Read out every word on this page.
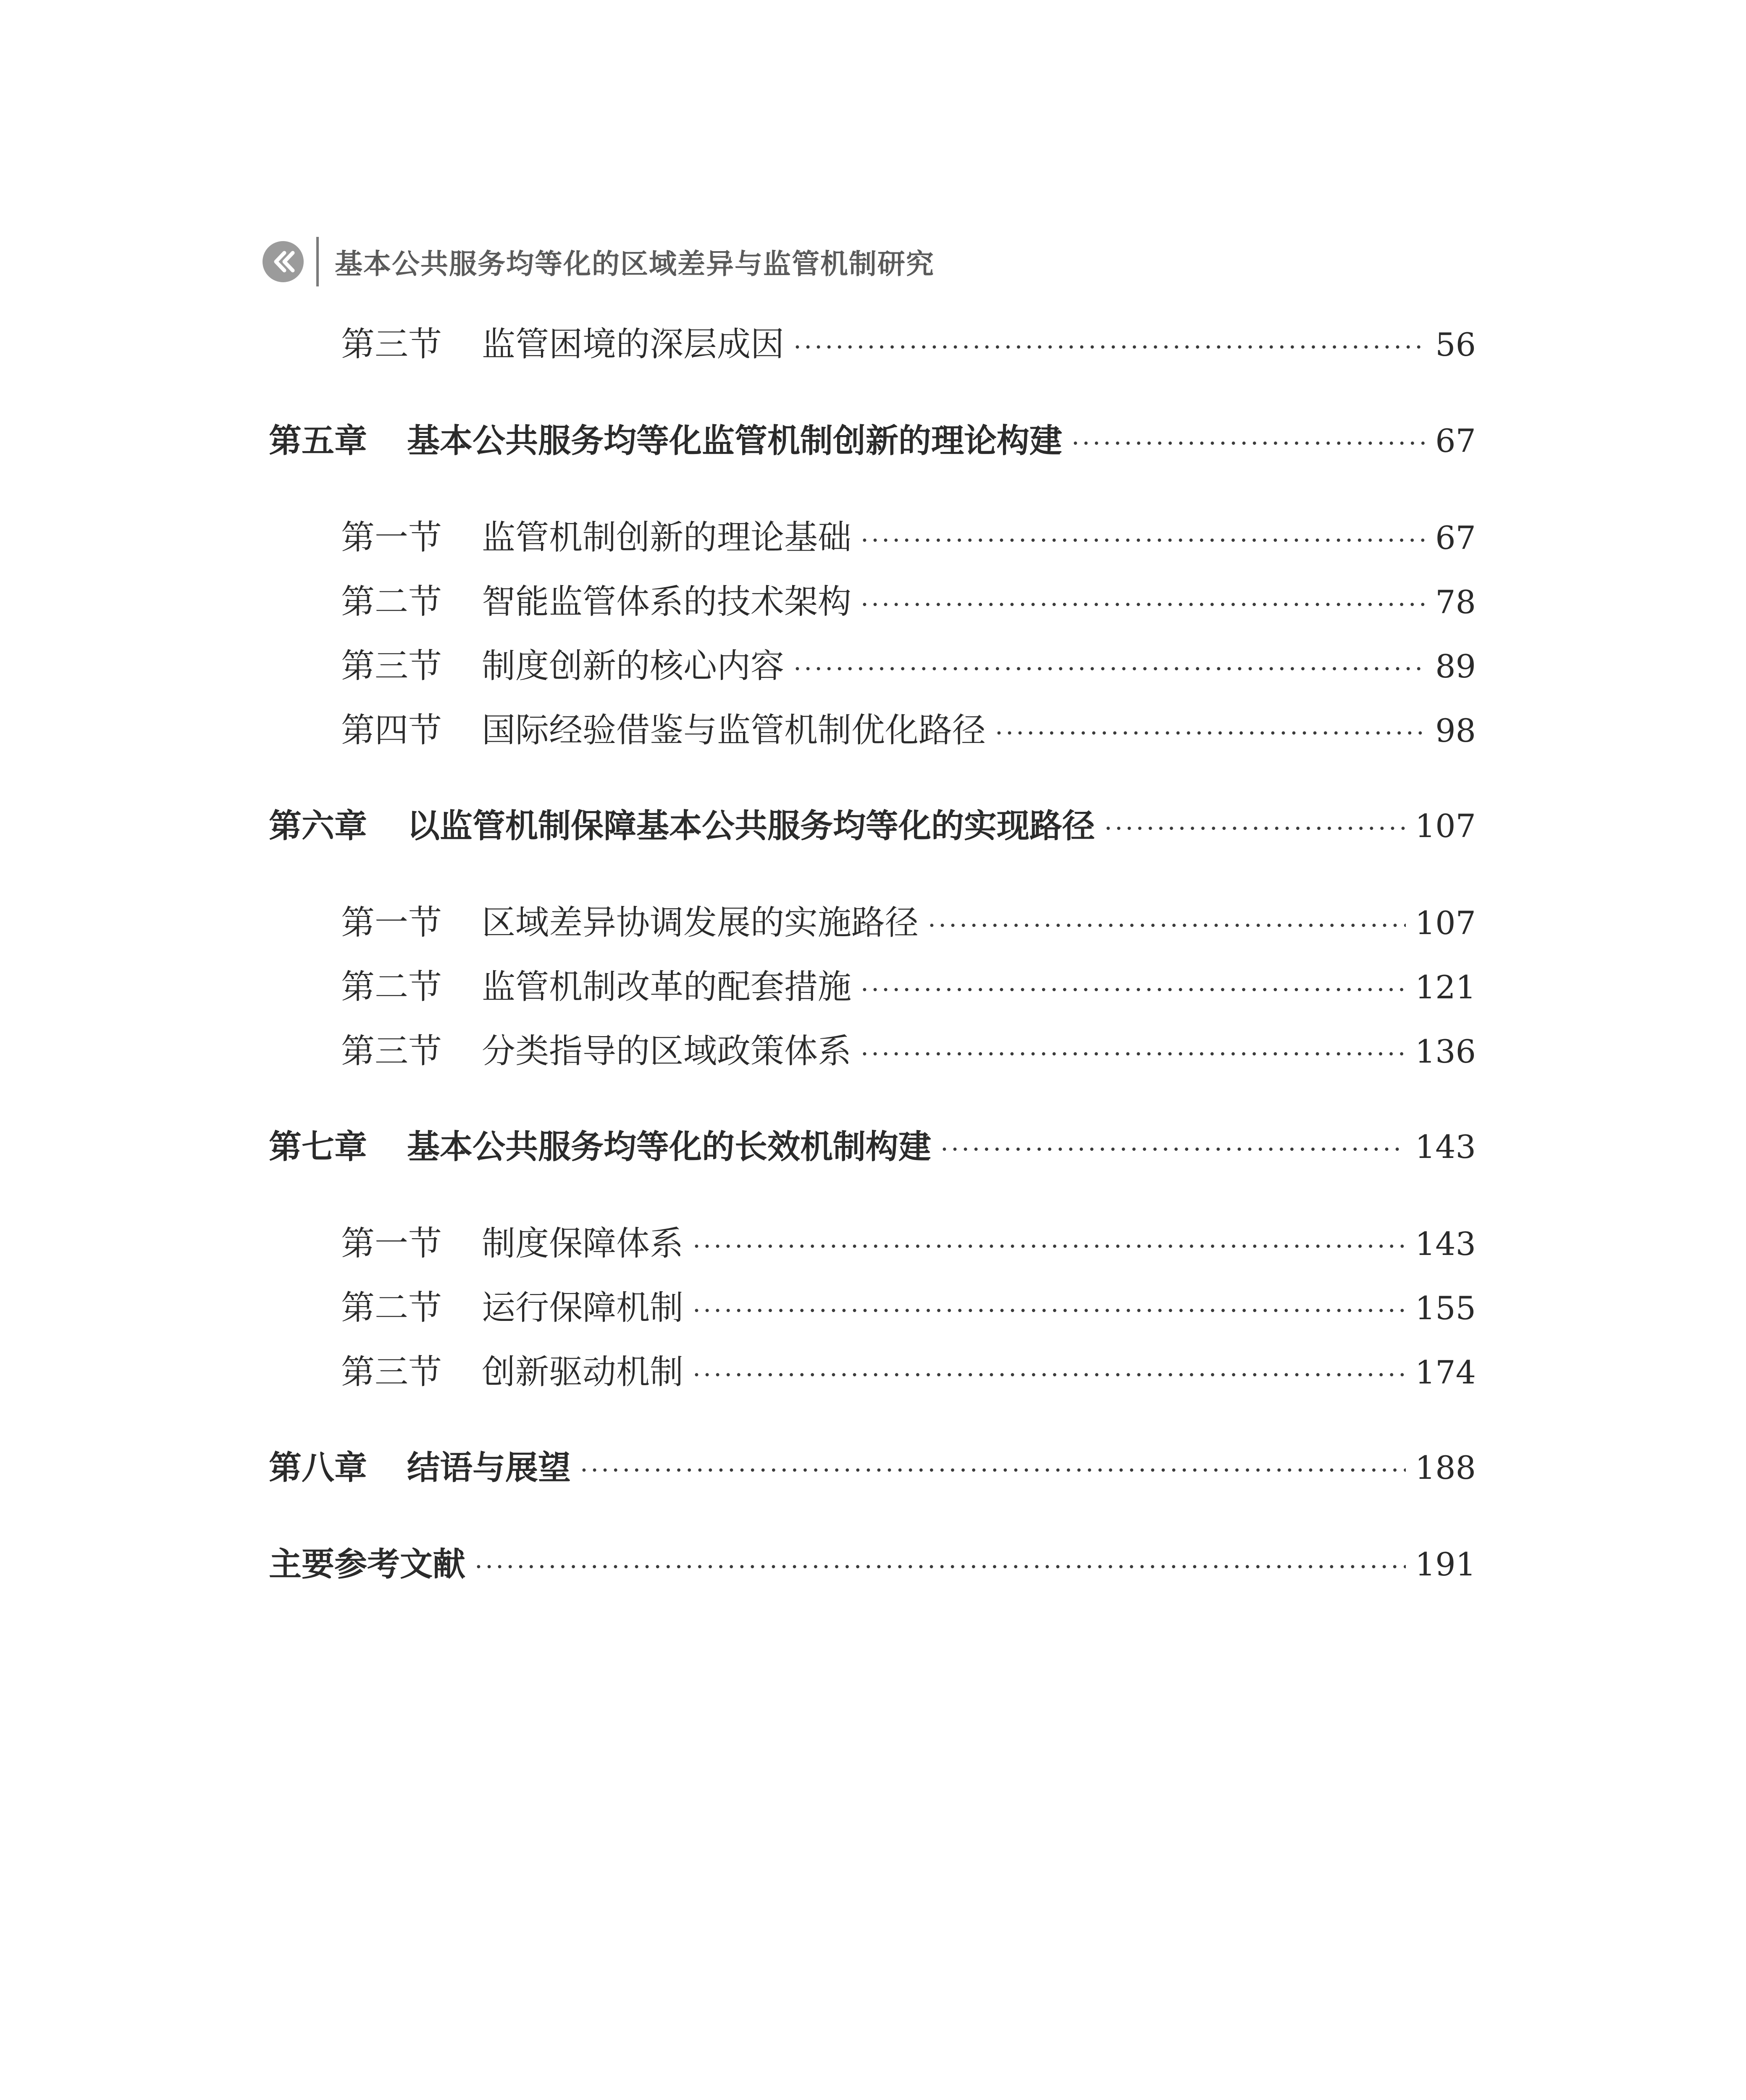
基本公共服务均等化的区域差异与监管机制研究
第三节 监管困境的深层成因 ·····	56
第五章 基本公共服务均等化监管机制创新的理论构建 ·····	67
第一节 监管机制创新的理论基础 ·····	67
第二节 智能监管体系的技术架构 ·····	78
第三节 制度创新的核心内容 ·····	89
第四节 国际经验借鉴与监管机制优化路径 ·····	98
第六章 以监管机制保障基本公共服务均等化的实现路径 ·····	107
第一节 区域差异协调发展的实施路径 ·····	107
第二节 监管机制改革的配套措施 ·····	121
第三节 分类指导的区域政策体系 ·····	136
第七章 基本公共服务均等化的长效机制构建 ·····	143
第一节 制度保障体系 ·····	143
第二节 运行保障机制 ·····	155
第三节 创新驱动机制 ·····	174
第八章 结语与展望 ·····	188
主要参考文献 ·····	191
